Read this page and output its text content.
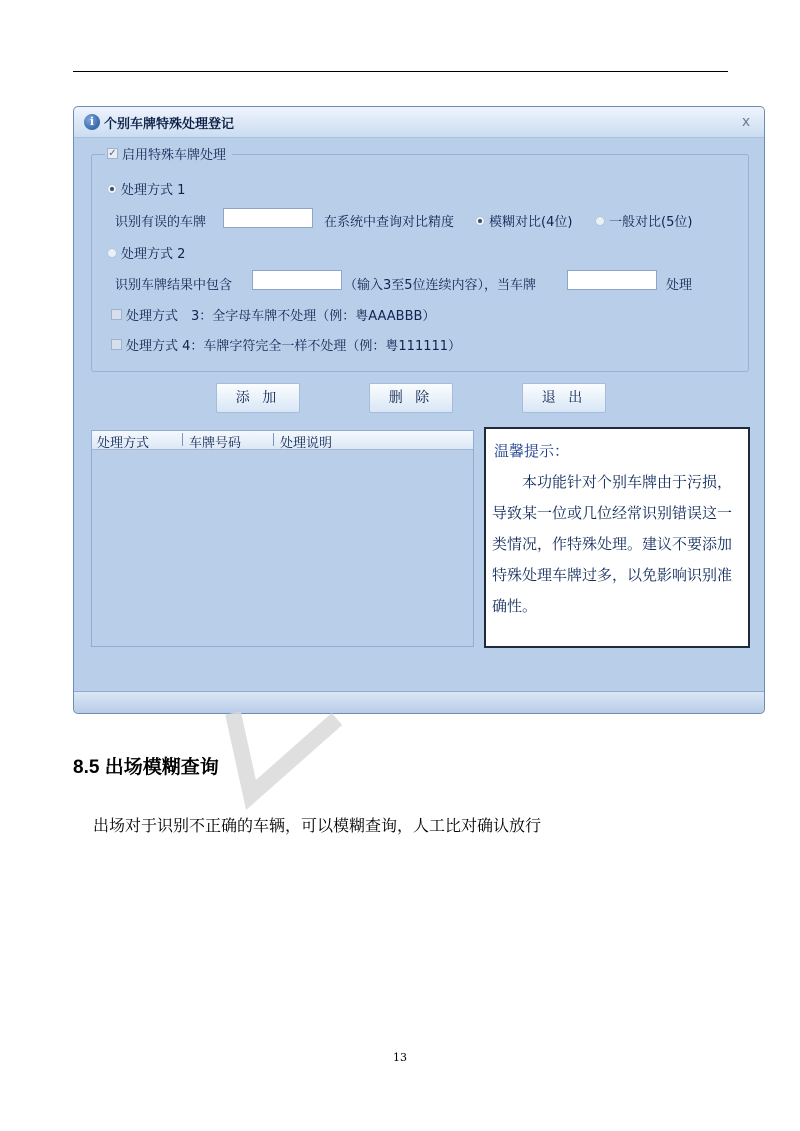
i 个别车牌特殊处理登记	x
✓ 启用特殊车牌处理
处理方式 1
识别有误的车牌	在系统中查询对比精度	模糊对比(4位)	一般对比(5位)
处理方式 2
识别车牌结果中包含	（输入3至5位连续内容），当车牌	处理
处理方式　3：全字母车牌不处理（例：粤AAABBB）
处理方式 4：车牌字符完全一样不处理（例：粤111111）
添 加	删 除	退 出
处理方式	车牌号码	处理说明	温馨提示：
本功能针对个别车牌由于污损，导致某一位或几位经常识别错误这一类情况，作特殊处理。建议不要添加特殊处理车牌过多，以免影响识别准确性。
8.5 出场模糊查询
出场对于识别不正确的车辆，可以模糊查询，人工比对确认放行
13
